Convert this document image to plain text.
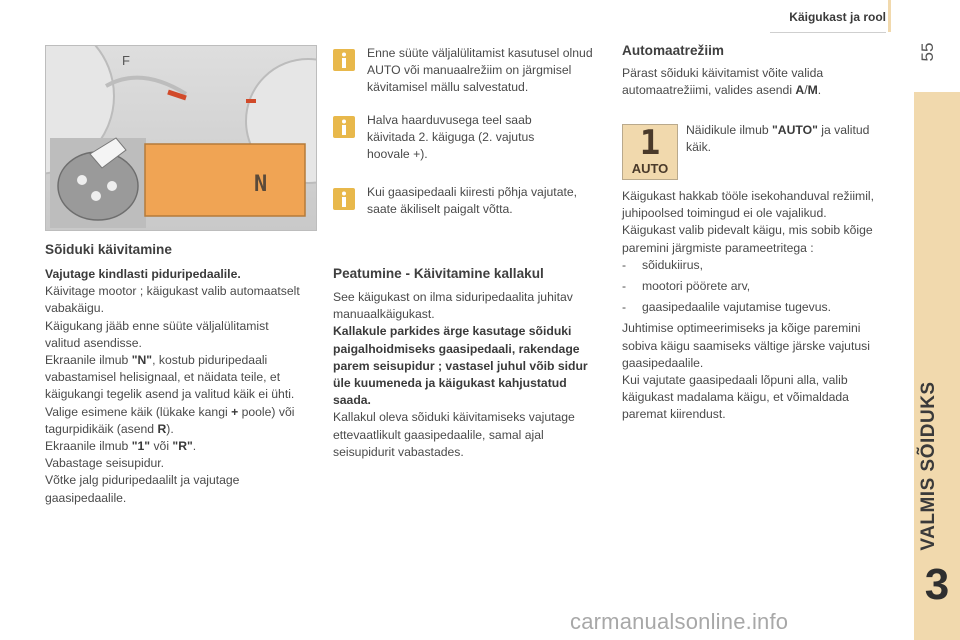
Käigukast ja rool
55
VALMIS SÕIDUKS
3
F
N
Sõiduki käivitamine

Vajutage kindlasti piduripedaalile.

Käivitage mootor ; käigukast valib automaatselt vabakäigu.

Käigukang jääb enne süüte väljalülitamist valitud asendisse.

Ekraanile ilmub "N", kostub piduripedaali vabastamisel helisignaal, et näidata teile, et käigukangi tegelik asend ja valitud käik ei ühti.

Valige esimene käik (lükake kangi + poole) või tagurpidikäik (asend R).

Ekraanile ilmub "1" või "R".

Vabastage seisupidur.

Võtke jalg piduripedaalilt ja vajutage gaasipedaalile.

Enne süüte väljalülitamist kasutusel olnud AUTO või manuaalrežiim on järgmisel kävitamisel mällu salvestatud.

Halva haarduvusega teel saab käivitada 2. käiguga (2. vajutus hoovale +).

Kui gaasipedaali kiiresti põhja vajutate, saate äkiliselt paigalt võtta.

Peatumine - Käivitamine kallakul

See käigukast on ilma siduripedaalita juhitav manuaalkäigukast.

Kallakule parkides ärge kasutage sõiduki paigalhoidmiseks gaasipedaali, rakendage parem seisupidur ; vastasel juhul võib sidur üle kuumeneda ja käigukast kahjustatud saada.

Kallakul oleva sõiduki käivitamiseks vajutage ettevaatlikult gaasipedaalile, samal ajal seisupidurit vabastades.

Automaatrežiim

Pärast sõiduki käivitamist võite valida automaatrežiimi, valides asendi A/M.

1
AUTO

Näidikule ilmub "AUTO" ja valitud käik.

Käigukast hakkab tööle isekohanduval režiimil, juhipoolsed toimingud ei ole vajalikud.

Käigukast valib pidevalt käigu, mis sobib kõige paremini järgmiste parameetritega :

- sõidukiirus,
- mootori pöörete arv,
- gaasipedaalile vajutamise tugevus.

Juhtimise optimeerimiseks ja kõige paremini sobiva käigu saamiseks vältige järske vajutusi gaasipedaalile.

Kui vajutate gaasipedaali lõpuni alla, valib käigukast madalama käigu, et võimaldada paremat kiirendust.

carmanualsonline.info
